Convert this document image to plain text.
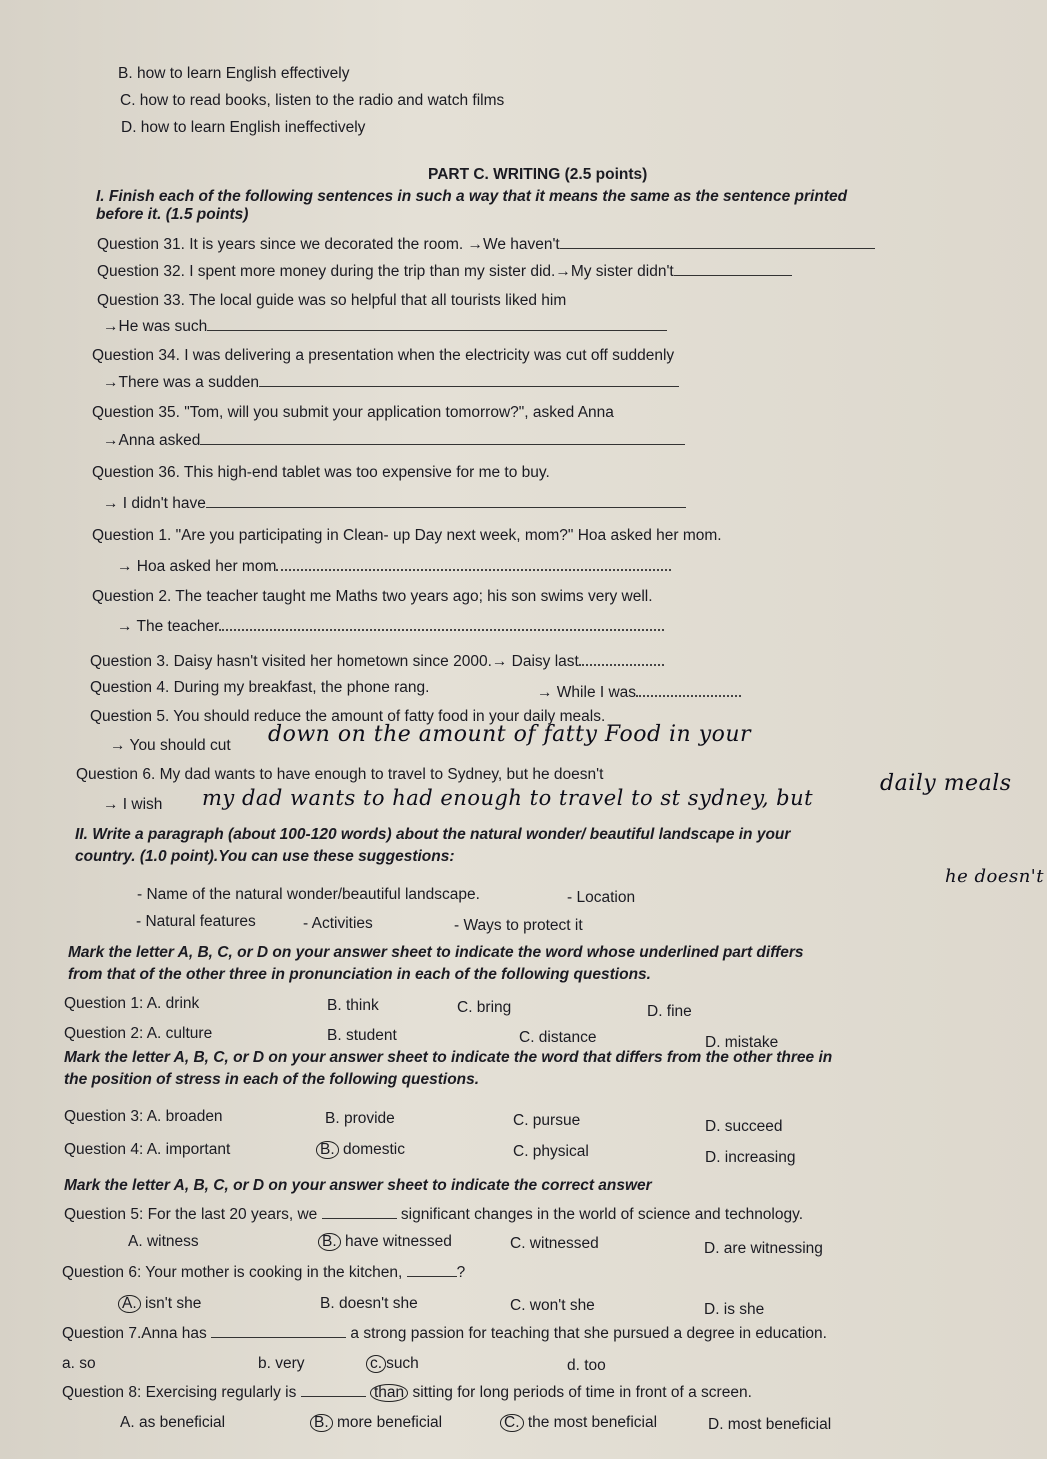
B. how to learn English effectively
C. how to read books, listen to the radio and watch films
D. how to learn English ineffectively
PART C. WRITING (2.5 points)
I. Finish each of the following sentences in such a way that it means the same as the sentence printed
before it. (1.5 points)
Question 31. It is years since we decorated the room. →We haven't
Question 32. I spent more money during the trip than my sister did.→My sister didn't
Question 33. The local guide was so helpful that all tourists liked him
→He was such
Question 34. I was delivering a presentation when the electricity was cut off suddenly
→There was a sudden
Question 35. "Tom, will you submit your application tomorrow?", asked Anna
→Anna asked
Question 36. This high-end tablet was too expensive for me to buy.
→ I didn't have
Question 1. "Are you participating in Clean- up Day next week, mom?" Hoa asked her mom.
→ Hoa asked her mom
Question 2. The teacher taught me Maths two years ago; his son swims very well.
→ The teacher
Question 3. Daisy hasn't visited her hometown since 2000.→ Daisy last
Question 4. During my breakfast, the phone rang.	→ While I was
Question 5. You should reduce the amount of fatty food in your daily meals.
→ You should cut down on the amount of fatty Food in your
daily meals
Question 6. My dad wants to have enough to travel to Sydney, but he doesn't
→ I wish my dad wants to had enough to travel to st sydney, but
he doesn't
II. Write a paragraph (about 100-120 words) about the natural wonder/ beautiful landscape in your
country. (1.0 point).You can use these suggestions:
- Name of the natural wonder/beautiful landscape.	- Location
- Natural features	- Activities	- Ways to protect it
Mark the letter A, B, C, or D on your answer sheet to indicate the word whose underlined part differs
from that of the other three in pronunciation in each of the following questions.
Question 1: A. drink	B. think	C. bring	D. fine
Question 2: A. culture	B. student	C. distance	D. mistake
Mark the letter A, B, C, or D on your answer sheet to indicate the word that differs from the other three in
the position of stress in each of the following questions.
Question 3: A. broaden	B. provide	C. pursue	D. succeed
Question 4: A. important	B. domestic	C. physical	D. increasing
Mark the letter A, B, C, or D on your answer sheet to indicate the correct answer
Question 5: For the last 20 years, we	significant changes in the world of science and technology.
A. witness	B. have witnessed	C. witnessed	D. are witnessing
Question 6: Your mother is cooking in the kitchen,	?
A. isn't she	B. doesn't she	C. won't she	D. is she
Question 7.Anna has	a strong passion for teaching that she pursued a degree in education.
a. so	b. very	c. such	d. too
Question 8: Exercising regularly is	than sitting for long periods of time in front of a screen.
A. as beneficial	B. more beneficial	C. the most beneficial	D. most beneficial
